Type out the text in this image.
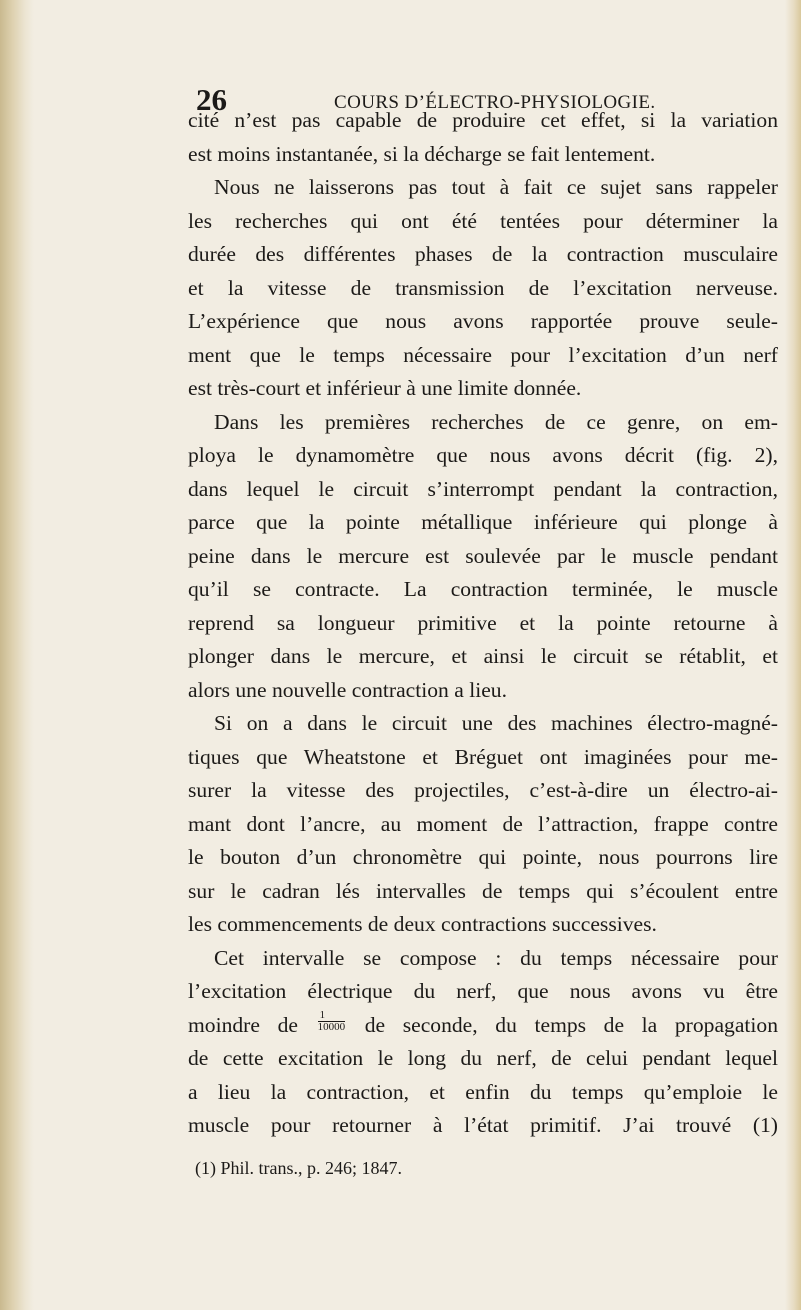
26	COURS D’ÉLECTRO-PHYSIOLOGIE.
cité n’est pas capable de produire cet effet, si la variation
est moins instantanée, si la décharge se fait lentement.
Nous ne laisserons pas tout à fait ce sujet sans rappeler
les recherches qui ont été tentées pour déterminer la
durée des différentes phases de la contraction musculaire
et la vitesse de transmission de l’excitation nerveuse.
L’expérience que nous avons rapportée prouve seule-
ment que le temps nécessaire pour l’excitation d’un nerf
est très-court et inférieur à une limite donnée.
Dans les premières recherches de ce genre, on em-
ploya le dynamomètre que nous avons décrit (fig. 2),
dans lequel le circuit s’interrompt pendant la contraction,
parce que la pointe métallique inférieure qui plonge à
peine dans le mercure est soulevée par le muscle pendant
qu’il se contracte. La contraction terminée, le muscle
reprend sa longueur primitive et la pointe retourne à
plonger dans le mercure, et ainsi le circuit se rétablit, et
alors une nouvelle contraction a lieu.
Si on a dans le circuit une des machines électro-magné-
tiques que Wheatstone et Bréguet ont imaginées pour me-
surer la vitesse des projectiles, c’est-à-dire un électro-ai-
mant dont l’ancre, au moment de l’attraction, frappe contre
le bouton d’un chronomètre qui pointe, nous pourrons lire
sur le cadran lés intervalles de temps qui s’écoulent entre
les commencements de deux contractions successives.
Cet intervalle se compose : du temps nécessaire pour
l’excitation électrique du nerf, que nous avons vu être
moindre de $\frac{1}{10000}$ de seconde, du temps de la propagation
de cette excitation le long du nerf, de celui pendant lequel
a lieu la contraction, et enfin du temps qu’emploie le
muscle pour retourner à l’état primitif. J’ai trouvé (1)
(1) Phil. trans., p. 246; 1847.
